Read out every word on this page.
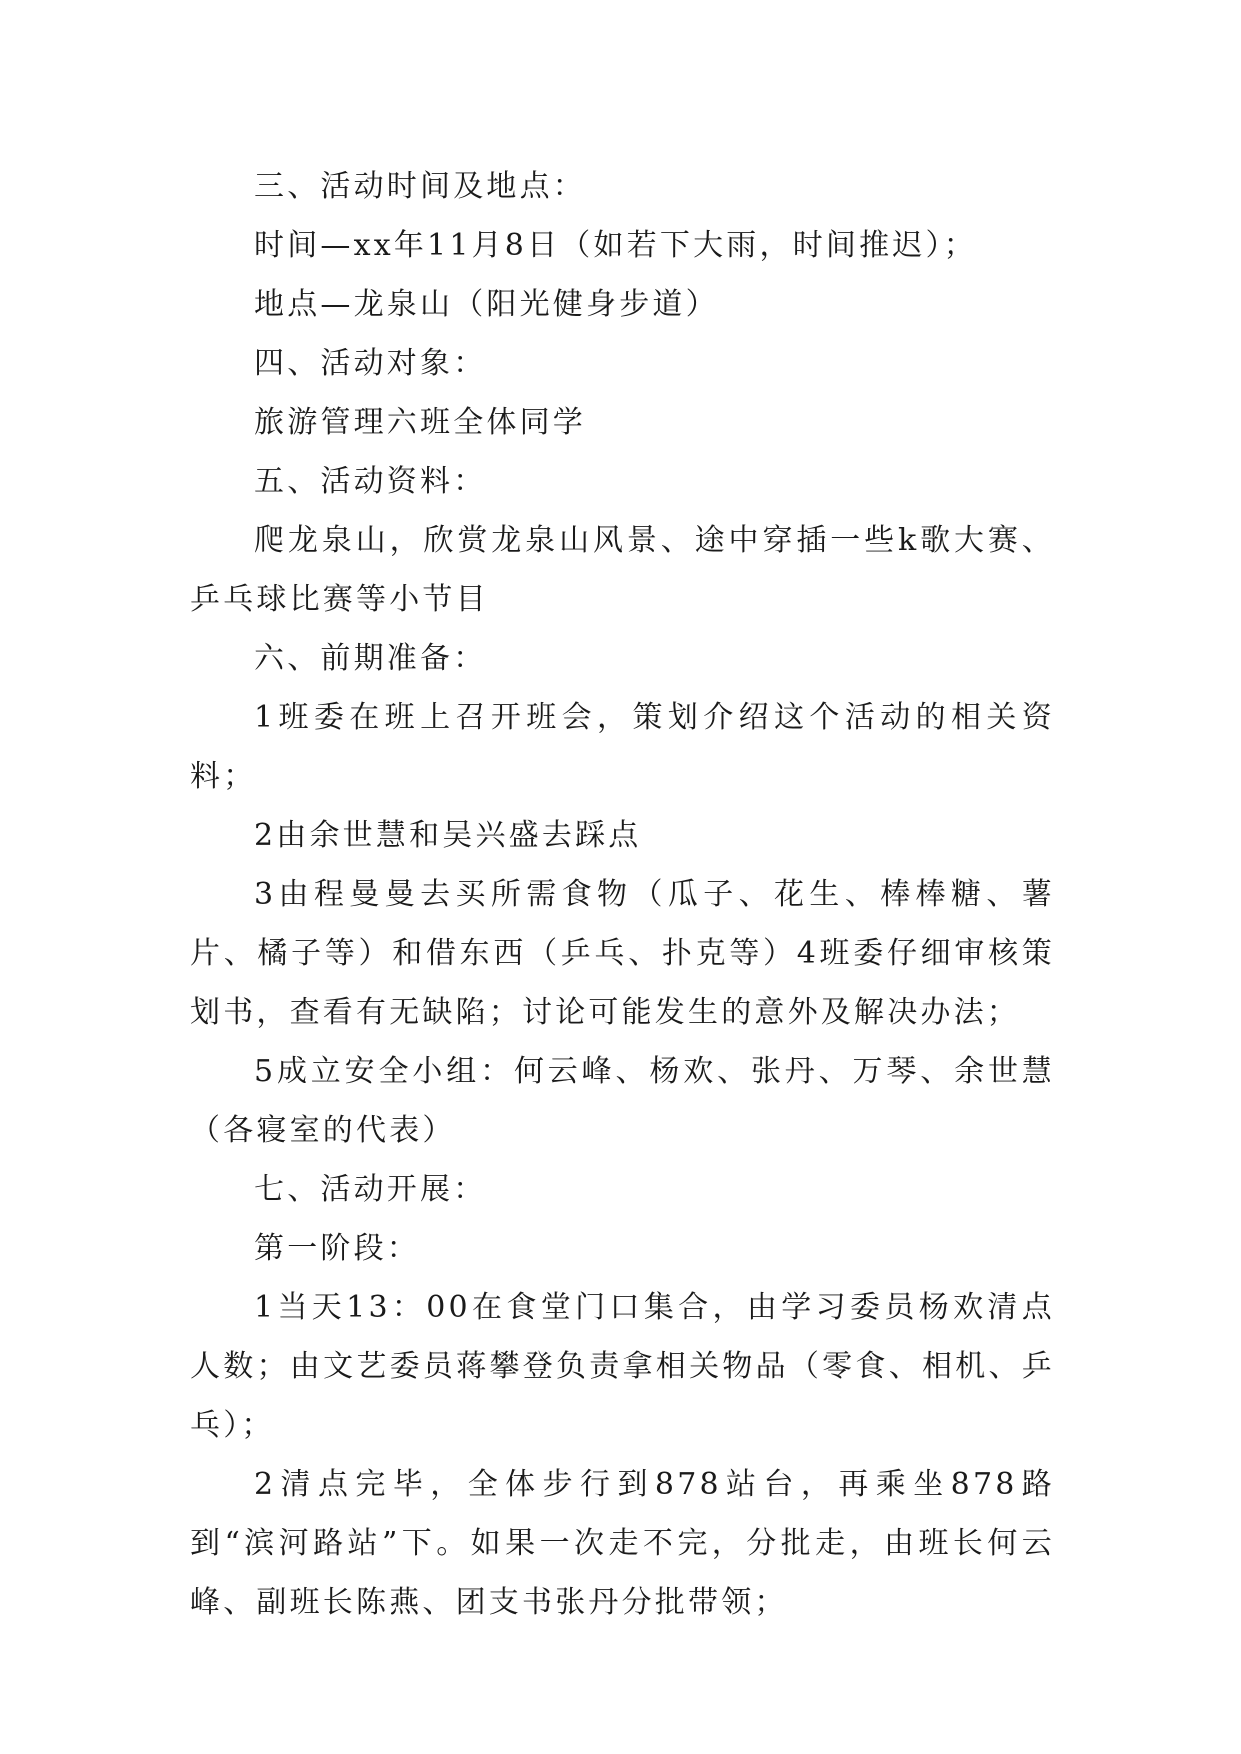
三、活动时间及地点：

时间—xx年11月8日（如若下大雨，时间推迟）；

地点—龙泉山（阳光健身步道）

四、活动对象：

旅游管理六班全体同学

五、活动资料：

爬龙泉山，欣赏龙泉山风景、途中穿插一些k歌大赛、乒乓球比赛等小节目

六、前期准备：

1班委在班上召开班会，策划介绍这个活动的相关资料；

2由余世慧和吴兴盛去踩点

3由程曼曼去买所需食物（瓜子、花生、棒棒糖、薯片、橘子等）和借东西（乒乓、扑克等）4班委仔细审核策划书，查看有无缺陷；讨论可能发生的意外及解决办法；

5成立安全小组：何云峰、杨欢、张丹、万琴、余世慧（各寝室的代表）

七、活动开展：

第一阶段：

1当天13：00在食堂门口集合，由学习委员杨欢清点人数；由文艺委员蒋攀登负责拿相关物品（零食、相机、乒乓）；

2清点完毕，全体步行到878站台，再乘坐878路到“滨河路站”下。如果一次走不完，分批走，由班长何云峰、副班长陈燕、团支书张丹分批带领；
